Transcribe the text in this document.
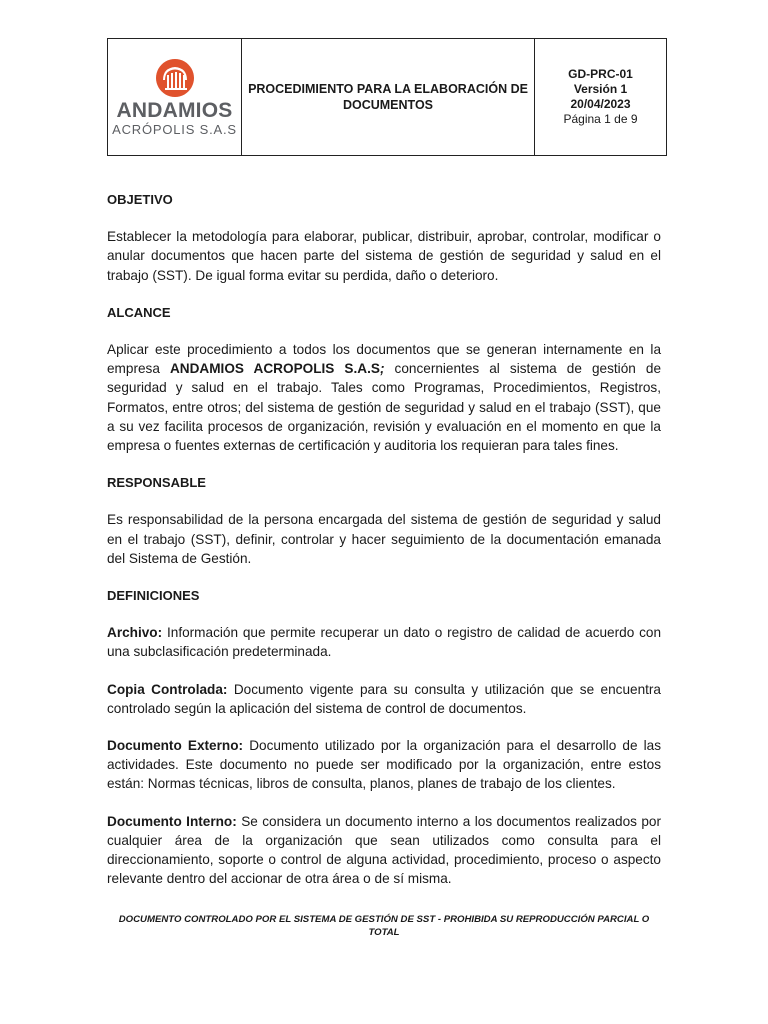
ANDAMIOS
ACRÓPOLIS S.A.S
PROCEDIMIENTO PARA LA ELABORACIÓN DE DOCUMENTOS
GD-PRC-01
Versión 1
20/04/2023
Página 1 de 9

OBJETIVO

Establecer la metodología para elaborar, publicar, distribuir, aprobar, controlar, modificar o anular documentos que hacen parte del sistema de gestión de seguridad y salud en el trabajo (SST). De igual forma evitar su perdida, daño o deterioro.

ALCANCE

Aplicar este procedimiento a todos los documentos que se generan internamente en la empresa ANDAMIOS ACROPOLIS S.A.S; concernientes al sistema de gestión de seguridad y salud en el trabajo. Tales como Programas, Procedimientos, Registros, Formatos, entre otros; del sistema de gestión de seguridad y salud en el trabajo (SST), que a su vez facilita procesos de organización, revisión y evaluación en el momento en que la empresa o fuentes externas de certificación y auditoria los requieran para tales fines.

RESPONSABLE

Es responsabilidad de la persona encargada del sistema de gestión de seguridad y salud en el trabajo (SST), definir, controlar y hacer seguimiento de la documentación emanada del Sistema de Gestión.

DEFINICIONES

Archivo: Información que permite recuperar un dato o registro de calidad de acuerdo con una subclasificación predeterminada.

Copia Controlada: Documento vigente para su consulta y utilización que se encuentra controlado según la aplicación del sistema de control de documentos.

Documento Externo: Documento utilizado por la organización para el desarrollo de las actividades. Este documento no puede ser modificado por la organización, entre estos están: Normas técnicas, libros de consulta, planos, planes de trabajo de los clientes.

Documento Interno: Se considera un documento interno a los documentos realizados por cualquier área de la organización que sean utilizados como consulta para el direccionamiento, soporte o control de alguna actividad, procedimiento, proceso o aspecto relevante dentro del accionar de otra área o de sí misma.

DOCUMENTO CONTROLADO POR EL SISTEMA DE GESTIÓN DE SST - PROHIBIDA SU REPRODUCCIÓN PARCIAL O TOTAL
